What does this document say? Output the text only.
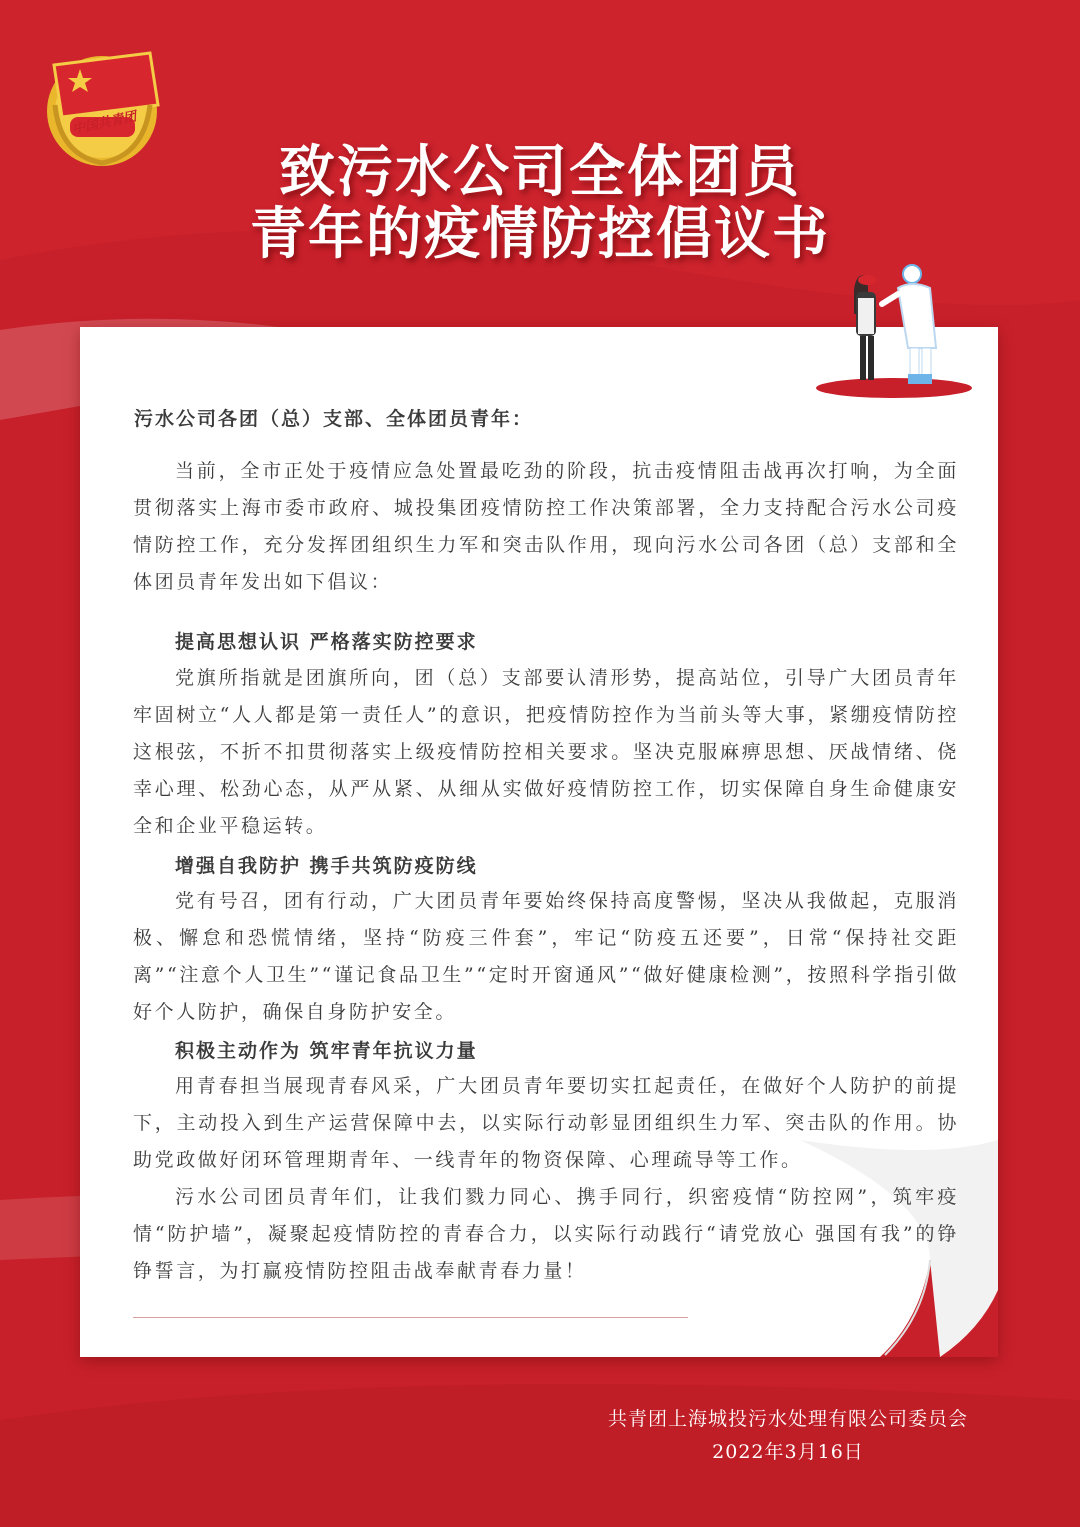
中国共青团
致污水公司全体团员
青年的疫情防控倡议书

污水公司各团（总）支部、全体团员青年：

当前，全市正处于疫情应急处置最吃劲的阶段，抗击疫情阻击战再次打响，为全面贯彻落实上海市委市政府、城投集团疫情防控工作决策部署，全力支持配合污水公司疫情防控工作，充分发挥团组织生力军和突击队作用，现向污水公司各团（总）支部和全体团员青年发出如下倡议：

提高思想认识 严格落实防控要求

党旗所指就是团旗所向，团（总）支部要认清形势，提高站位，引导广大团员青年牢固树立“人人都是第一责任人”的意识，把疫情防控作为当前头等大事，紧绷疫情防控这根弦，不折不扣贯彻落实上级疫情防控相关要求。坚决克服麻痹思想、厌战情绪、侥幸心理、松劲心态，从严从紧、从细从实做好疫情防控工作，切实保障自身生命健康安全和企业平稳运转。

增强自我防护 携手共筑防疫防线

党有号召，团有行动，广大团员青年要始终保持高度警惕，坚决从我做起，克服消极、懈怠和恐慌情绪，坚持“防疫三件套”，牢记“防疫五还要”，日常“保持社交距离”“注意个人卫生”“谨记食品卫生”“定时开窗通风”“做好健康检测”，按照科学指引做好个人防护，确保自身防护安全。

积极主动作为 筑牢青年抗议力量

用青春担当展现青春风采，广大团员青年要切实扛起责任，在做好个人防护的前提下，主动投入到生产运营保障中去，以实际行动彰显团组织生力军、突击队的作用。协助党政做好闭环管理期青年、一线青年的物资保障、心理疏导等工作。

污水公司团员青年们，让我们戮力同心、携手同行，织密疫情“防控网”，筑牢疫情“防护墙”，凝聚起疫情防控的青春合力，以实际行动践行“请党放心 强国有我”的铮铮誓言，为打赢疫情防控阻击战奉献青春力量！

共青团上海城投污水处理有限公司委员会
2022年3月16日
